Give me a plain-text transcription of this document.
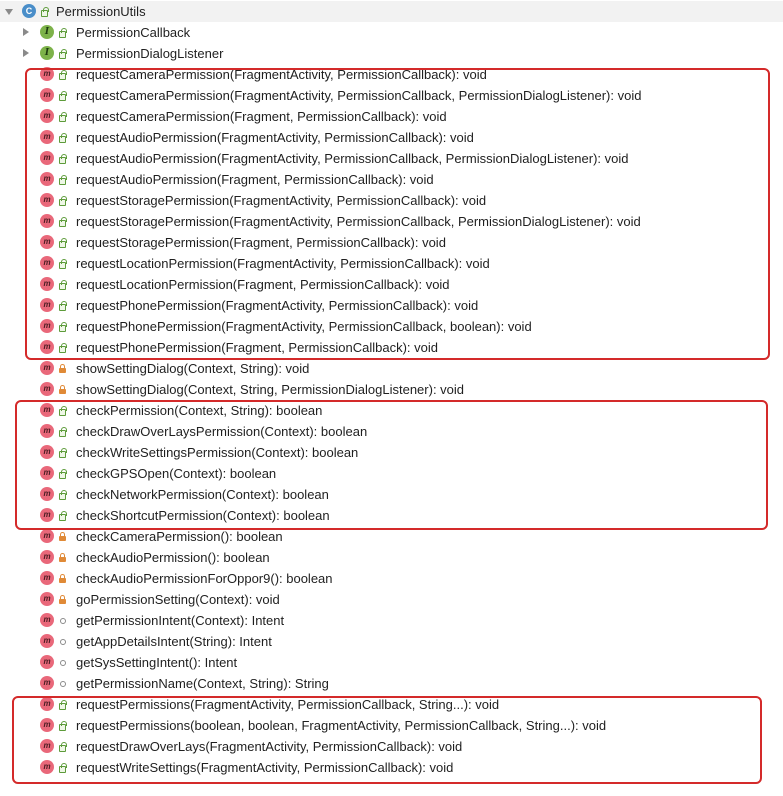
C PermissionUtils
I	PermissionCallback
I	PermissionDialogListener
m requestCameraPermission(FragmentActivity, PermissionCallback): void
m requestCameraPermission(FragmentActivity, PermissionCallback, PermissionDialogListener): void
m requestCameraPermission(Fragment, PermissionCallback): void
m requestAudioPermission(FragmentActivity, PermissionCallback): void
m requestAudioPermission(FragmentActivity, PermissionCallback, PermissionDialogListener): void
m requestAudioPermission(Fragment, PermissionCallback): void
m requestStoragePermission(FragmentActivity, PermissionCallback): void
m requestStoragePermission(FragmentActivity, PermissionCallback, PermissionDialogListener): void
m requestStoragePermission(Fragment, PermissionCallback): void
m requestLocationPermission(FragmentActivity, PermissionCallback): void
m requestLocationPermission(Fragment, PermissionCallback): void
m requestPhonePermission(FragmentActivity, PermissionCallback): void
m requestPhonePermission(FragmentActivity, PermissionCallback, boolean): void
m requestPhonePermission(Fragment, PermissionCallback): void
m showSettingDialog(Context, String): void
m showSettingDialog(Context, String, PermissionDialogListener): void
m checkPermission(Context, String): boolean
m checkDrawOverLaysPermission(Context): boolean
m checkWriteSettingsPermission(Context): boolean
m checkGPSOpen(Context): boolean
m checkNetworkPermission(Context): boolean
m checkShortcutPermission(Context): boolean
m checkCameraPermission(): boolean
m checkAudioPermission(): boolean
m checkAudioPermissionForOppor9(): boolean
m goPermissionSetting(Context): void
m getPermissionIntent(Context): Intent
m getAppDetailsIntent(String): Intent
m getSysSettingIntent(): Intent
m getPermissionName(Context, String): String
m requestPermissions(FragmentActivity, PermissionCallback, String...): void
m requestPermissions(boolean, boolean, FragmentActivity, PermissionCallback, String...): void
m requestDrawOverLays(FragmentActivity, PermissionCallback): void
m requestWriteSettings(FragmentActivity, PermissionCallback): void
